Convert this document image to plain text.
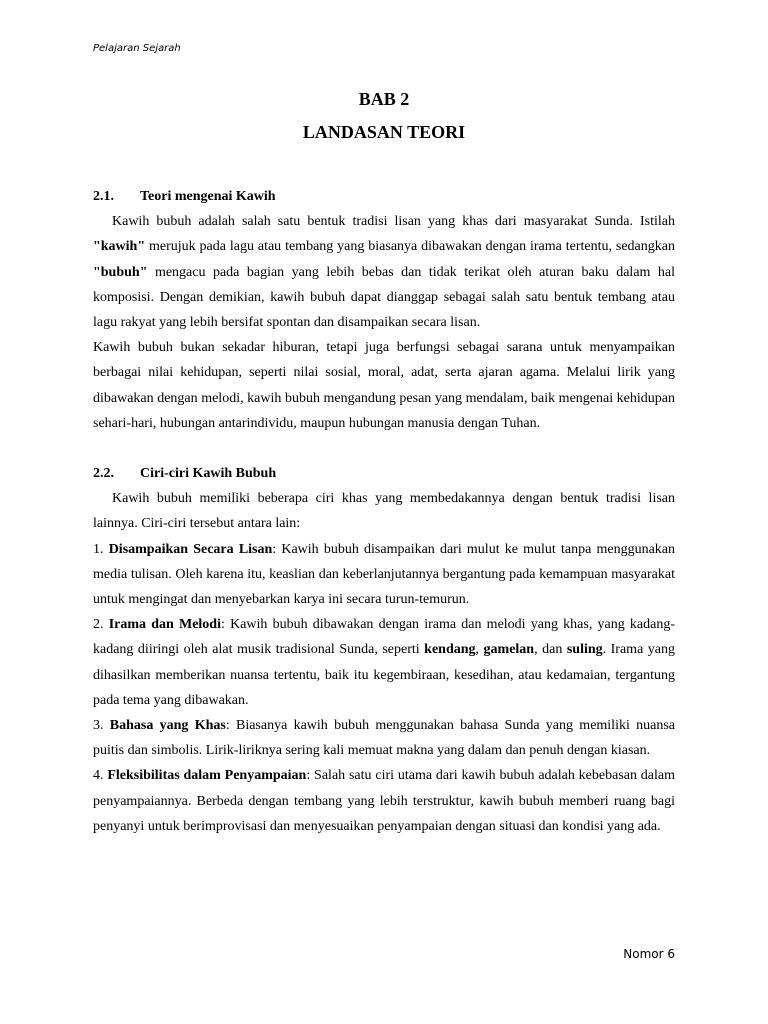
Pelajaran Sejarah
BAB 2
LANDASAN TEORI
2.1. Teori mengenai Kawih

Kawih bubuh adalah salah satu bentuk tradisi lisan yang khas dari masyarakat Sunda. Istilah "kawih" merujuk pada lagu atau tembang yang biasanya dibawakan dengan irama tertentu, sedangkan "bubuh" mengacu pada bagian yang lebih bebas dan tidak terikat oleh aturan baku dalam hal komposisi. Dengan demikian, kawih bubuh dapat dianggap sebagai salah satu bentuk tembang atau lagu rakyat yang lebih bersifat spontan dan disampaikan secara lisan.

Kawih bubuh bukan sekadar hiburan, tetapi juga berfungsi sebagai sarana untuk menyampaikan berbagai nilai kehidupan, seperti nilai sosial, moral, adat, serta ajaran agama. Melalui lirik yang dibawakan dengan melodi, kawih bubuh mengandung pesan yang mendalam, baik mengenai kehidupan sehari-hari, hubungan antarindividu, maupun hubungan manusia dengan Tuhan.

2.2. Ciri-ciri Kawih Bubuh

Kawih bubuh memiliki beberapa ciri khas yang membedakannya dengan bentuk tradisi lisan lainnya. Ciri-ciri tersebut antara lain:

1. Disampaikan Secara Lisan: Kawih bubuh disampaikan dari mulut ke mulut tanpa menggunakan media tulisan. Oleh karena itu, keaslian dan keberlanjutannya bergantung pada kemampuan masyarakat untuk mengingat dan menyebarkan karya ini secara turun-temurun.

2. Irama dan Melodi: Kawih bubuh dibawakan dengan irama dan melodi yang khas, yang kadang-kadang diiringi oleh alat musik tradisional Sunda, seperti kendang, gamelan, dan suling. Irama yang dihasilkan memberikan nuansa tertentu, baik itu kegembiraan, kesedihan, atau kedamaian, tergantung pada tema yang dibawakan.

3. Bahasa yang Khas: Biasanya kawih bubuh menggunakan bahasa Sunda yang memiliki nuansa puitis dan simbolis. Lirik-liriknya sering kali memuat makna yang dalam dan penuh dengan kiasan.

4. Fleksibilitas dalam Penyampaian: Salah satu ciri utama dari kawih bubuh adalah kebebasan dalam penyampaiannya. Berbeda dengan tembang yang lebih terstruktur, kawih bubuh memberi ruang bagi penyanyi untuk berimprovisasi dan menyesuaikan penyampaian dengan situasi dan kondisi yang ada.

Nomor 6
